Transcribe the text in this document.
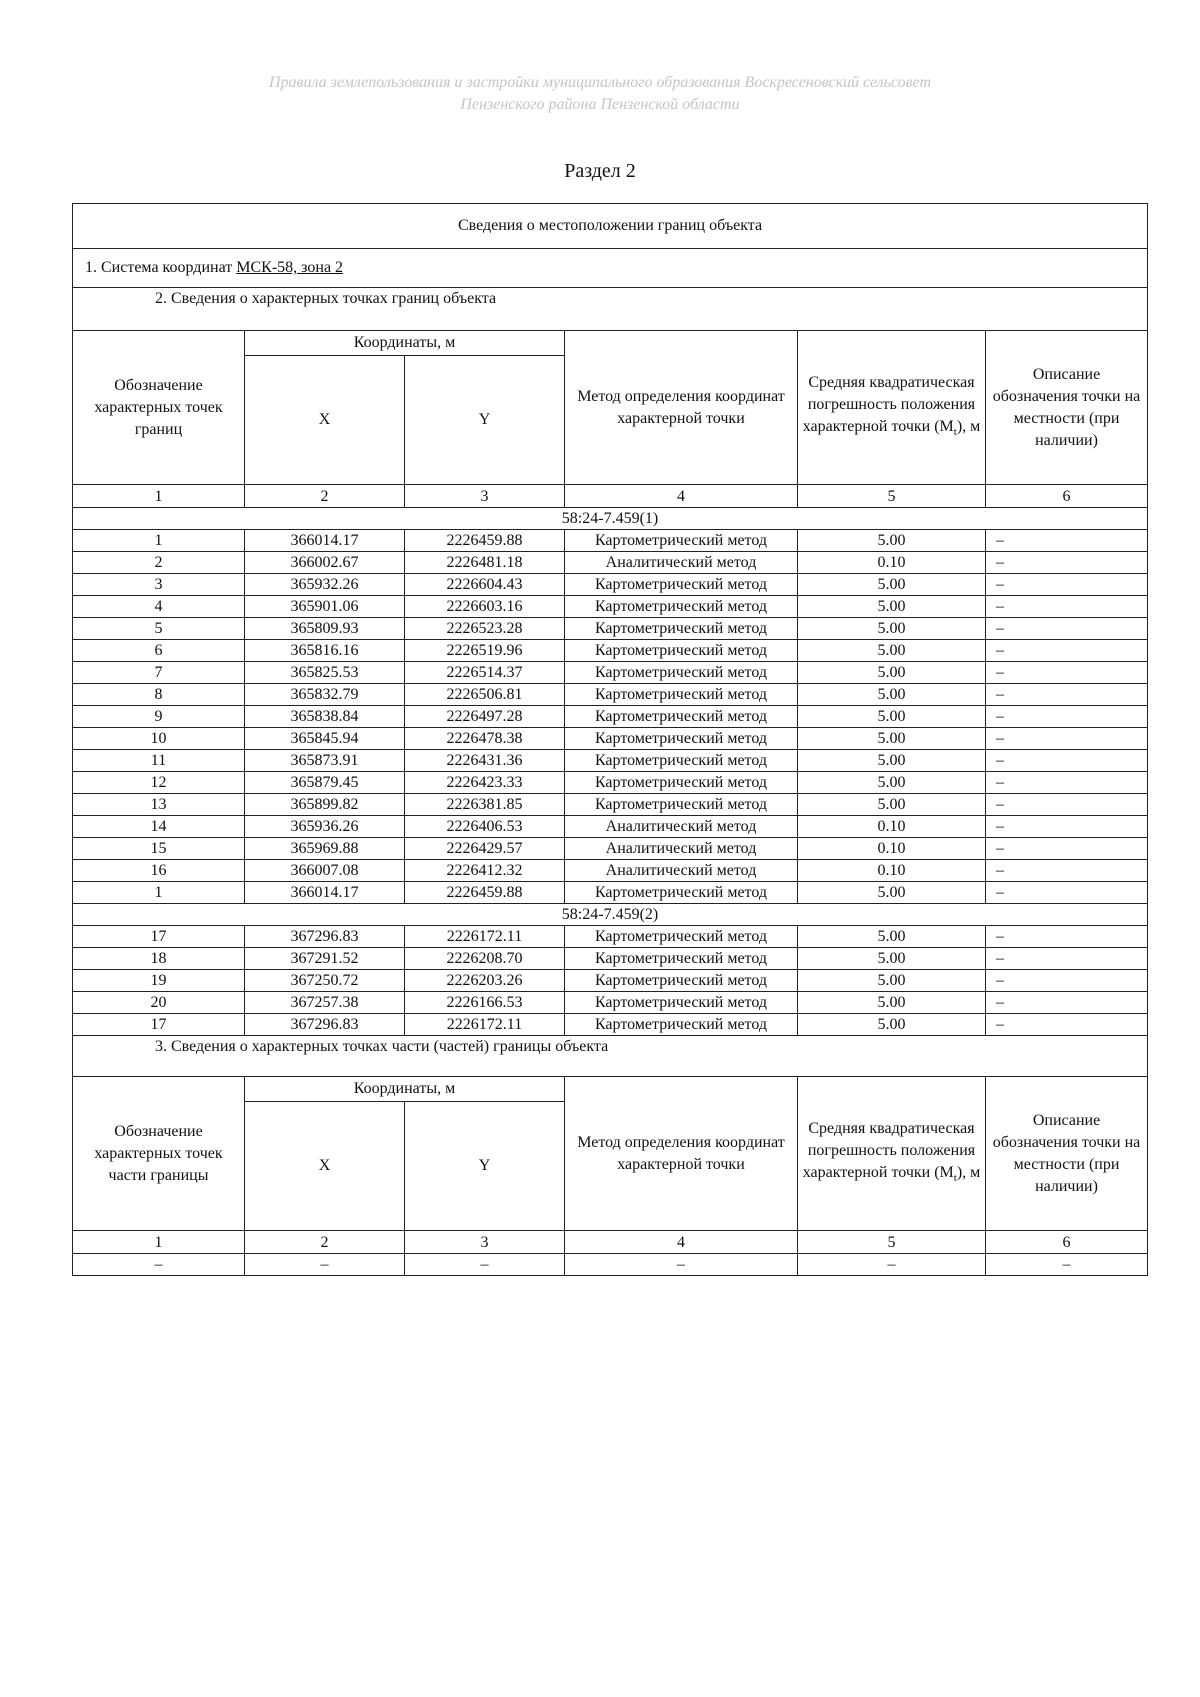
Правила землепользования и застройки муниципального образования Воскресеновский сельсовет
Пензенского района Пензенской области
Раздел 2
Сведения о местоположении границ объекта					
1. Система координат МСК-58, зона 2					
2. Сведения о характерных точках границ объекта					
Обозначение характерных точек границ	Координаты, м		Метод определения координат характерной точки	Средняя квадратическая погрешность положения характерной точки $(M_t)$, м	Описание обозначения точки на местности (при наличии)
	X	Y			
1	2	3	4	5	6
58:24-7.459(1)					
1	366014.17	2226459.88	Картометрический метод	5.00	–
2	366002.67	2226481.18	Аналитический метод	0.10	–
3	365932.26	2226604.43	Картометрический метод	5.00	–
4	365901.06	2226603.16	Картометрический метод	5.00	–
5	365809.93	2226523.28	Картометрический метод	5.00	–
6	365816.16	2226519.96	Картометрический метод	5.00	–
7	365825.53	2226514.37	Картометрический метод	5.00	–
8	365832.79	2226506.81	Картометрический метод	5.00	–
9	365838.84	2226497.28	Картометрический метод	5.00	–
10	365845.94	2226478.38	Картометрический метод	5.00	–
11	365873.91	2226431.36	Картометрический метод	5.00	–
12	365879.45	2226423.33	Картометрический метод	5.00	–
13	365899.82	2226381.85	Картометрический метод	5.00	–
14	365936.26	2226406.53	Аналитический метод	0.10	–
15	365969.88	2226429.57	Аналитический метод	0.10	–
16	366007.08	2226412.32	Аналитический метод	0.10	–
1	366014.17	2226459.88	Картометрический метод	5.00	–
58:24-7.459(2)					
17	367296.83	2226172.11	Картометрический метод	5.00	–
18	367291.52	2226208.70	Картометрический метод	5.00	–
19	367250.72	2226203.26	Картометрический метод	5.00	–
20	367257.38	2226166.53	Картометрический метод	5.00	–
17	367296.83	2226172.11	Картометрический метод	5.00	–
3. Сведения о характерных точках части (частей) границы объекта					
Обозначение характерных точек части границы	Координаты, м		Метод определения координат характерной точки	Средняя квадратическая погрешность положения характерной точки $(M_t)$, м	Описание обозначения точки на местности (при наличии)
	X	Y			
1	2	3	4	5	6
–	–	–	–	–	–
